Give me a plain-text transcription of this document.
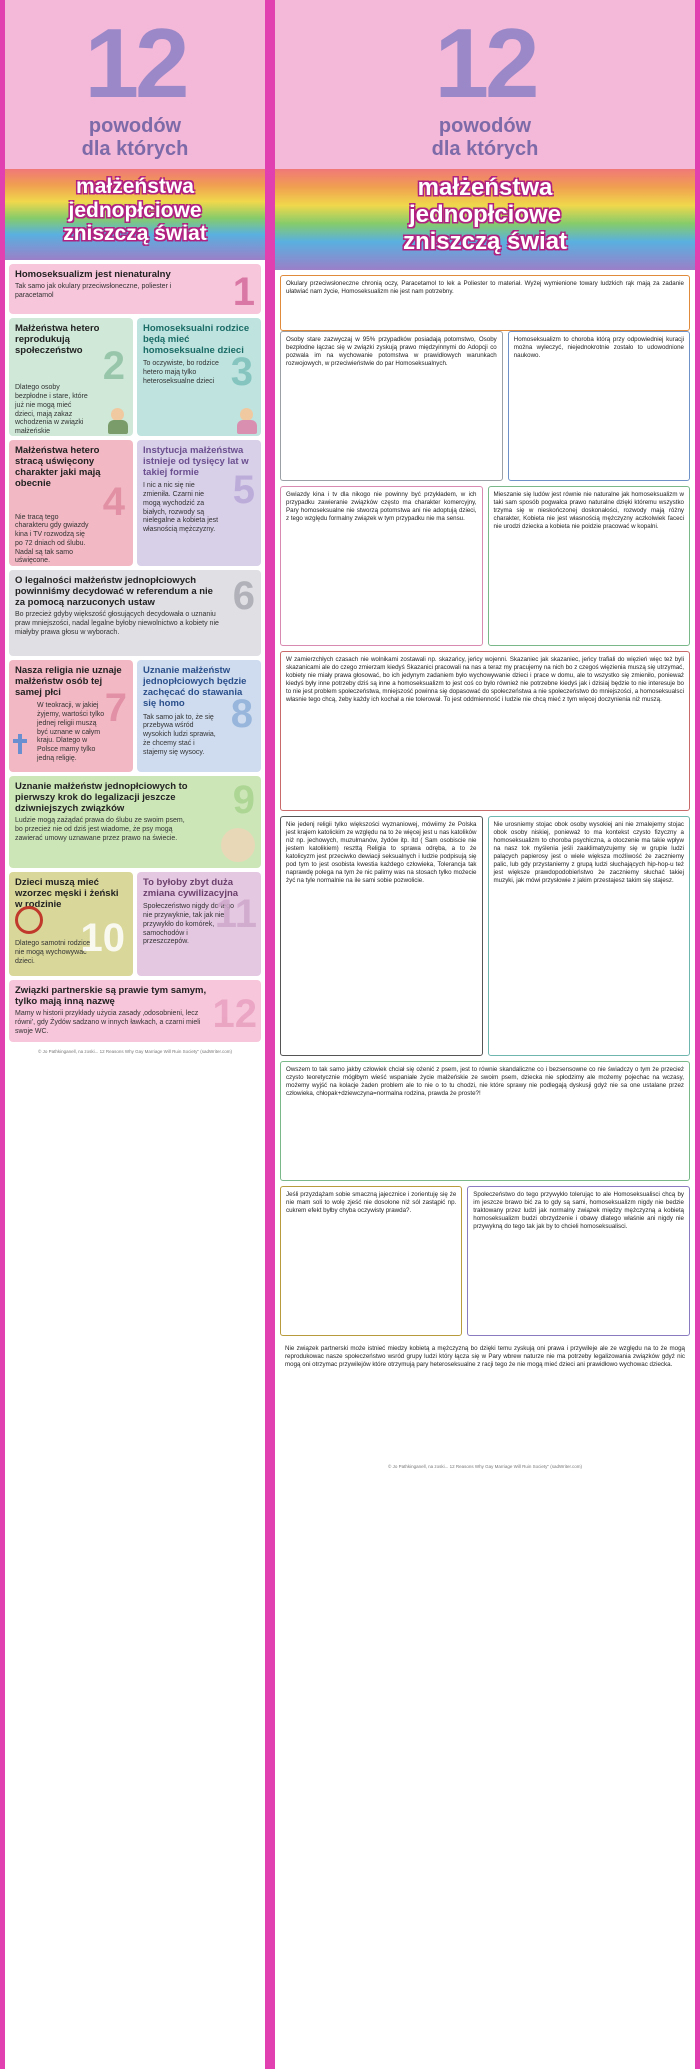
12
powodów
dla których
małżeństwa
jednopłciowe
zniszczą świat
Homoseksualizm jest nienaturalny
Tak samo jak okulary przeciwsłoneczne, poliester i paracetamol	1
Małżeństwa hetero reprodukują społeczeństwo
Dlatego osoby bezpłodne i stare, które już nie mogą mieć dzieci, mają zakaz wchodzenia w związki małżeńskie
2
Homoseksualni rodzice będą mieć homoseksualne dzieci
To oczywiste, bo rodzice hetero mają tylko heteroseksualne dzieci 3
Małżeństwa hetero stracą uświęcony charakter jaki mają obecnie
Nie tracą tego charakteru gdy gwiazdy kina i TV rozwodzą się po 72 dniach od ślubu. Nadal są tak samo uświęcone.
4
Instytucja małżeństwa istnieje od tysięcy lat w takiej formie
I nic a nic się nie zmieniła. Czarni nie mogą wychodzić za białych, rozwody są nielegalne a kobieta jest własnością mężczyzny.
5
O legalności małżeństw jednopłciowych powinniśmy decydować w referendum a nie za pomocą narzuconych ustaw
Bo przecież gdyby większość głosujących decydowała o uznaniu praw mniejszości, nadal legalne byłoby niewolnictwo a kobiety nie miałyby prawa głosu w wyborach.
6
Nasza religia nie uznaje małżeństw osób tej samej płci
W teokracji, w jakiej żyjemy, wartości tylko jednej religii muszą być uznane w całym kraju. Dlatego w Polsce mamy tylko jedną religię.
7
Uznanie małżeństw jednopłciowych będzie zachęcać do stawania się homo
Tak samo jak to, że się przebywa wśród wysokich ludzi sprawia, że chcemy stać i stajemy się wysocy.
8
Uznanie małżeństw jednopłciowych to pierwszy krok do legalizacji jeszcze dziwniejszych związków
Ludzie mogą zażądać prawa do ślubu ze swoim psem, bo przecież nie od dziś jest wiadome, że psy mogą zawierać umowy uznawane przez prawo na świecie.
9
Dzieci muszą mieć wzorzec męski i żeński w rodzinie
Dlatego samotni rodzice nie mogą wychowywać dzieci.
10
To byłoby zbyt duża zmiana cywilizacyjna
Społeczeństwo nigdy do tego nie przywyknie, tak jak nie przywykło do komórek, samochodów i przeszczepów.
11
Związki partnerskie są prawie tym samym, tylko mają inną nazwę
Mamy w historii przykłady użycia zasady ‚odosobnieni, lecz równi', gdy Żydów sadzano w innych ławkach, a czarni mieli swoje WC.	12
© Jo Pathkinganell, na zoski... 12 Reasons Why Gay Marriage Will Ruin Society" (sadWriter.com)
12
powodów
dla których
małżeństwa
jednopłciowe
zniszczą świat
Okulary przeciwsłoneczne chronią oczy, Paracetamol to lek a Poliester to materiał. Wyżej wymienione towary ludzkich rąk mają za zadanie ułatwiać nam życie, Homoseksualizm nie jest nam potrzebny.
Osoby stare zazwyczaj w 95% przypadków posiadają potomstwo, Osoby bezpłodne łączac się w związki zyskują prawo międzyinnymi do Adopcji co pozwala im na wychowanie potomstwa w prawidłowych warunkach rozwojowych, w przeciwieństwie do par Homoseksualnych.
Homoseksualizm to choroba którą przy odpowiedniej kuracji można wyleczyć, niejednokrotnie zostało to udowodnione naukowo.
Gwiazdy kina i tv dla nikogo nie powinny być przykładem, w ich przypadku zawieranie związków często ma charakter komercyjny, Pary homoseksualne nie stworzą potomstwa ani nie adoptują dzieci, z tego względu formalny związek w tym przypadku nie ma sensu.
Mieszanie się ludów jest równie nie naturalne jak homoseksualizm w taki sam sposób pogwałca prawo naturalne dzięki któremu wszystko trzyma się w nieskończonej doskonałości, rozwody mają różny charakter, Kobieta nie jest własnością mężczyzny aczkolwiek faceci nie urodzi dziecka a kobieta nie poidzie pracować w kopalni.
W zamierzchłych czasach nie wolnikami zostawali np. skazańcy, jeńcy wojenni. Skazaniec jak skazaniec, jeńcy trafiali do więzień więc też byli skazanicami ale do czego zmierzam kiedyś Skazanici pracowali na nas a teraz my pracujemy na nich bo z czegoś więzienia muszą się utrzymać, kobiety nie miały prawa głosować, bo ich jedynym zadaniem było wychowywanie dzieci i prace w domu, ale to wszystko się zmieniło, ponieważ kiedyś były inne potrzeby dziś są inne a homoseksualizm to jest coś co było również nie potrzebne kiedyś jak i dzisiaj będzie to nie interesuje bo to nie jest problem społeczeństwa, mniejszość powinna się dopasować do społeczeństwa a nie społeczeństwo do mniejszości, a homoseksualsci własnie tego chcą, żeby każdy ich kochał a nie tolerował. To jest oddmienność i ludzie nie chcą mieć z tym więcej doczynienia niż muszą.
Nie jedenj religii tylko większości wyznaniowej, mówiimy że Polska jest krajem katolickim ze względu na to że więcej jest u nas katolików niż np. jechowych, muzułmanów, żydów itp. itd ( Sam osobiscie nie jestem katolikiem) reszttą Religia to sprawa odręba, a to że katolicyzm jest przeciwko dewiacji seksualnych i ludzie podpisują się pod tym to jest osobista kwestia każdego człowieka, Tolerancja tak naprawdę polega na tym że nic palimy was na stosach tylko możecie żyć na tyle normalnie na ile sami sobie pozwolicie.
Nie urosniemy stojac obok osoby wysokiej ani nie zmalejemy stojac obok osoby niskiej, ponieważ to ma kontekst czysto fizyczny a homoseksualizm to choroba psychiczna, a otoczenie ma takie wpływ na nasz tok myślenia jeśli zaaklimatyzujemy się w grupie ludzi palących papierosy jest o wiele większa możliwość że zaczniemy palic, lub gdy przystaniemy z grupą ludzi słuchających hip-hop-u też jest większe prawdopodobieństwo że zaczniemy słuchać takiej muzyki, jak mówi przysłowie z jakim przestajesz takim się stajesz.
Owszem to tak samo jakby człowiek chciał się ożenić z psem, jest to równie skandaliczne co i bezsensowne co nie świadczy o tym że przecież czysto teoretycznie mógłbym wieść wspaniałe życie małżeńskie ze swoim psem, dziecka nie spłodzimy ale możemy pojechac na wczasy, możemy wyjść na kolacje żaden problem ale to nie o to tu chodzi, nie które sprawy nie podlegają dyskusji gdyż nie sa one ustalane przez człowieka, chłopak+dziewczyna=normalna rodzina, prawda że proste?!
Jeśli przyzdążam sobie smaczną jajecznice i zorientuję się że nie mam soli to wolę zjeść nie dosolone niż sól zastąpić np. cukrem efekt byłby chyba oczywisty prawda?.
Społeczeństwo do tego przywykło tolerując to ale Homoseksualisci chcą by im jeszcze brawo bić za to gdy są sami, homoseksualizm nigdy nie bedzie traktowany przez ludzi jak normalny związek między mężczyzną a kobietą homoseksualizm budzi obrzydzenie i obawy dlatego właśnie ani nigdy nie przywykną do tego tak jak by to chcieli homoseksualisci.
Nie związek partnerski może istnieć miedzy kobietą a mężczyzną bo dzięki temu zyskują oni prawa i przywileje ale ze względu na to że mogą reprodukowac nasze społeczeństwo wsród grupy ludzi który łącza się w Pary wbrew naturze nie ma potrzeby legalizowania związków gdyż nic mogą oni otrzymac przywilejów które otrzymują pary heteroseksualne z racji tego że nie mogą mieć dzieci ani prawidłowo wychowac dziecka.
© Jo Pathkinganell, na zoski... 12 Reasons Why Gay Marriage Will Ruin Society" (sadWriter.com)
